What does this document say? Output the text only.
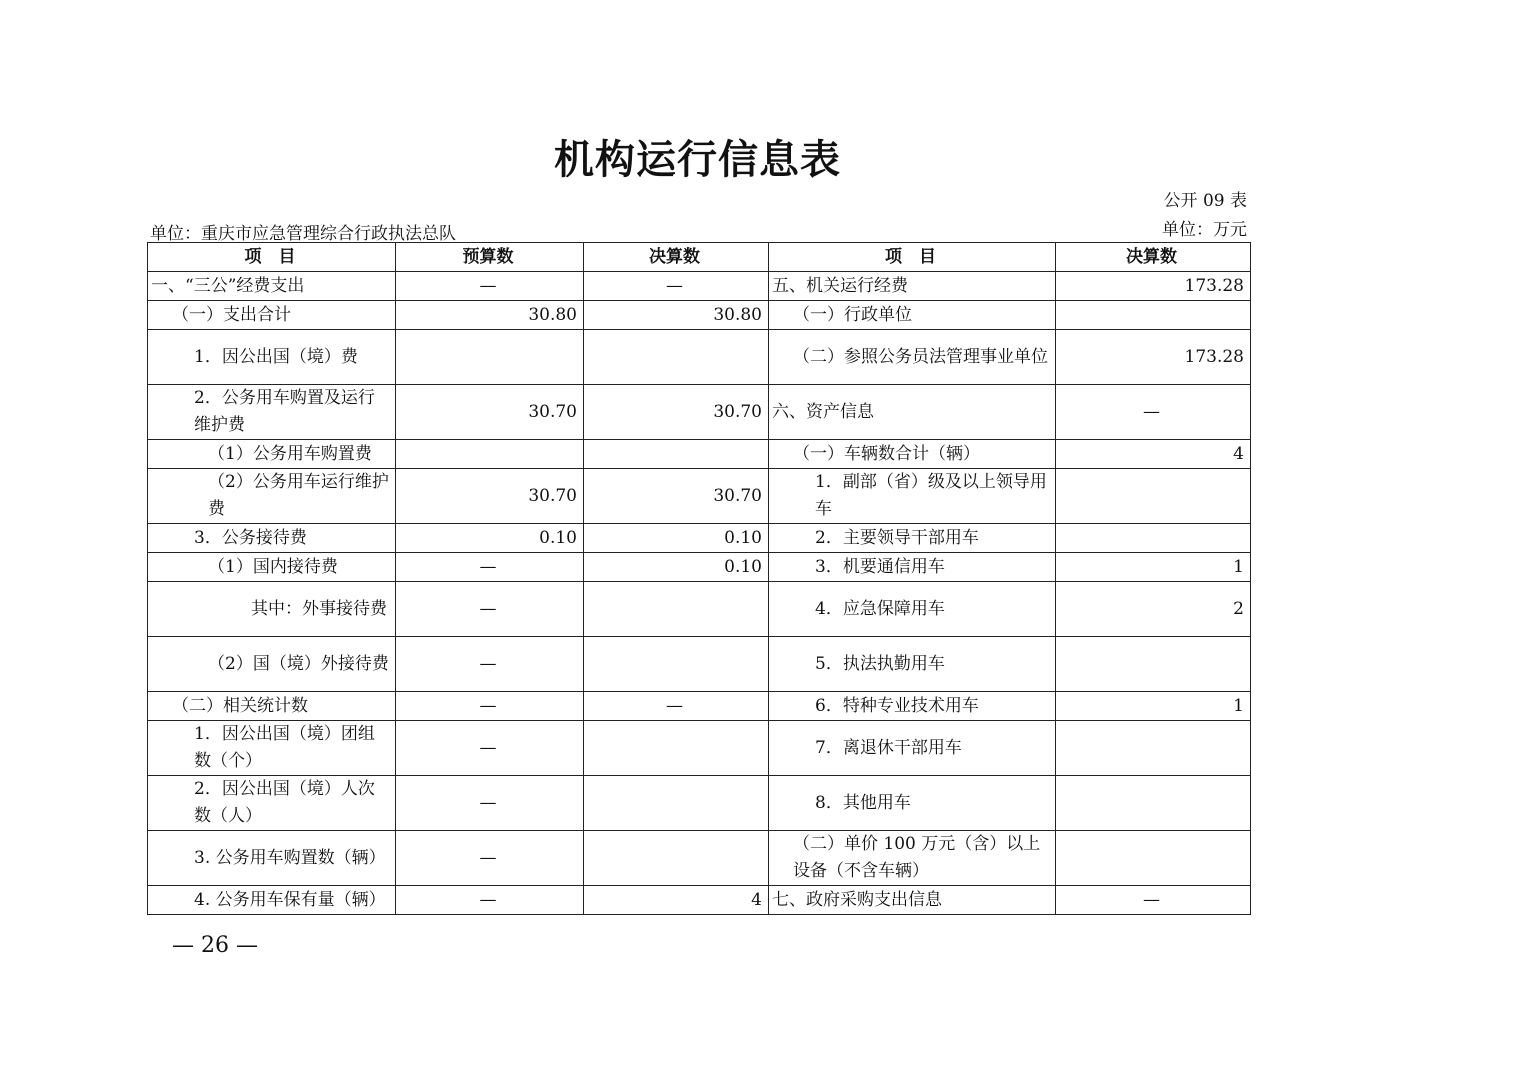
机构运行信息表
公开 09 表
单位：万元
单位：重庆市应急管理综合行政执法总队
项　目	预算数	决算数	项　目	决算数
一、“三公”经费支出	—	—	五、机关运行经费	173.28
（一）支出合计	30.80	30.80	（一）行政单位	
1．因公出国（境）费			（二）参照公务员法管理事业单位	173.28
2．公务用车购置及运行维护费	30.70	30.70	六、资产信息	—
（1）公务用车购置费			（一）车辆数合计（辆）	4
（2）公务用车运行维护费	30.70	30.70	1．副部（省）级及以上领导用车	
3．公务接待费	0.10	0.10	2．主要领导干部用车	
（1）国内接待费	—	0.10	3．机要通信用车	1
其中：外事接待费	—		4．应急保障用车	2
（2）国（境）外接待费	—		5．执法执勤用车	
（二）相关统计数	—	—	6．特种专业技术用车	1
1．因公出国（境）团组数（个）	—		7．离退休干部用车	
2．因公出国（境）人次数（人）	—		8．其他用车	
3. 公务用车购置数（辆）	—		（二）单价 100 万元（含）以上设备（不含车辆）	
4. 公务用车保有量（辆）	—	4	七、政府采购支出信息	—
— 26 —
